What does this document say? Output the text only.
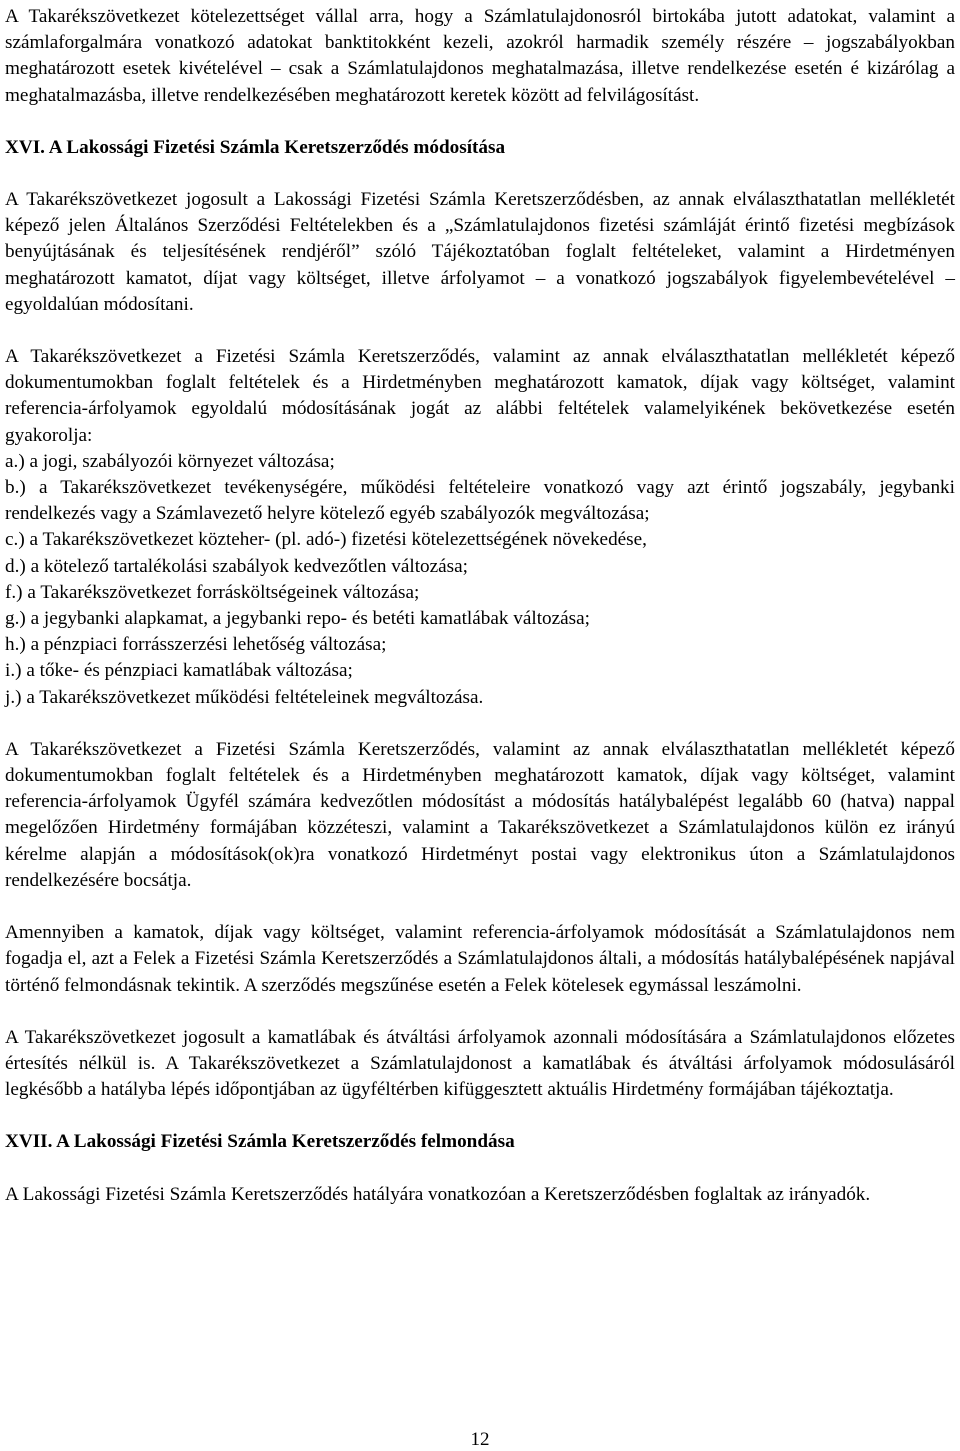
A Takarékszövetkezet kötelezettséget vállal arra, hogy a Számlatulajdonosról birtokába jutott adatokat, valamint a számlaforgalmára vonatkozó adatokat banktitokként kezeli, azokról harmadik személy részére – jogszabályokban meghatározott esetek kivételével – csak a Számlatulajdonos meghatalmazása, illetve rendelkezése esetén é kizárólag a meghatalmazásba, illetve rendelkezésében meghatározott keretek között ad felvilágosítást.

XVI. A Lakossági Fizetési Számla Keretszerződés módosítása

A Takarékszövetkezet jogosult a Lakossági Fizetési Számla Keretszerződésben, az annak elválaszthatatlan mellékletét képező jelen Általános Szerződési Feltételekben és a „Számlatulajdonos fizetési számláját érintő fizetési megbízások benyújtásának és teljesítésének rendjéről” szóló Tájékoztatóban foglalt feltételeket, valamint a Hirdetményen meghatározott kamatot, díjat vagy költséget, illetve árfolyamot – a vonatkozó jogszabályok figyelembevételével – egyoldalúan módosítani.

A Takarékszövetkezet a Fizetési Számla Keretszerződés, valamint az annak elválaszthatatlan mellékletét képező dokumentumokban foglalt feltételek és a Hirdetményben meghatározott kamatok, díjak vagy költséget, valamint referencia-árfolyamok egyoldalú módosításának jogát az alábbi feltételek valamelyikének bekövetkezése esetén gyakorolja:

a.) a jogi, szabályozói környezet változása;
b.) a Takarékszövetkezet tevékenységére, működési feltételeire vonatkozó vagy azt érintő jogszabály, jegybanki rendelkezés vagy a Számlavezető helyre kötelező egyéb szabályozók megváltozása;
c.) a Takarékszövetkezet közteher- (pl. adó-) fizetési kötelezettségének növekedése,
d.) a kötelező tartalékolási szabályok kedvezőtlen változása;
f.) a Takarékszövetkezet forrásköltségeinek változása;
g.) a jegybanki alapkamat, a jegybanki repo- és betéti kamatlábak változása;
h.) a pénzpiaci forrásszerzési lehetőség változása;
i.) a tőke- és pénzpiaci kamatlábak változása;
j.) a Takarékszövetkezet működési feltételeinek megváltozása.

A Takarékszövetkezet a Fizetési Számla Keretszerződés, valamint az annak elválaszthatatlan mellékletét képező dokumentumokban foglalt feltételek és a Hirdetményben meghatározott kamatok, díjak vagy költséget, valamint referencia-árfolyamok Ügyfél számára kedvezőtlen módosítást a módosítás hatálybalépést legalább 60 (hatva) nappal megelőzően Hirdetmény formájában közzéteszi, valamint a Takarékszövetkezet a Számlatulajdonos külön ez irányú kérelme alapján a módosítások(ok)ra vonatkozó Hirdetményt postai vagy elektronikus úton a Számlatulajdonos rendelkezésére bocsátja.

Amennyiben a kamatok, díjak vagy költséget, valamint referencia-árfolyamok módosítását a Számlatulajdonos nem fogadja el, azt a Felek a Fizetési Számla Keretszerződés a Számlatulajdonos általi, a módosítás hatálybalépésének napjával történő felmondásnak tekintik. A szerződés megszűnése esetén a Felek kötelesek egymással leszámolni.

A Takarékszövetkezet jogosult a kamatlábak és átváltási árfolyamok azonnali módosítására a Számlatulajdonos előzetes értesítés nélkül is. A Takarékszövetkezet a Számlatulajdonost a kamatlábak és átváltási árfolyamok módosulásáról legkésőbb a hatályba lépés időpontjában az ügyféltérben kifüggesztett aktuális Hirdetmény formájában tájékoztatja.

XVII. A Lakossági Fizetési Számla Keretszerződés felmondása

A Lakossági Fizetési Számla Keretszerződés hatályára vonatkozóan a Keretszerződésben foglaltak az irányadók.

12
